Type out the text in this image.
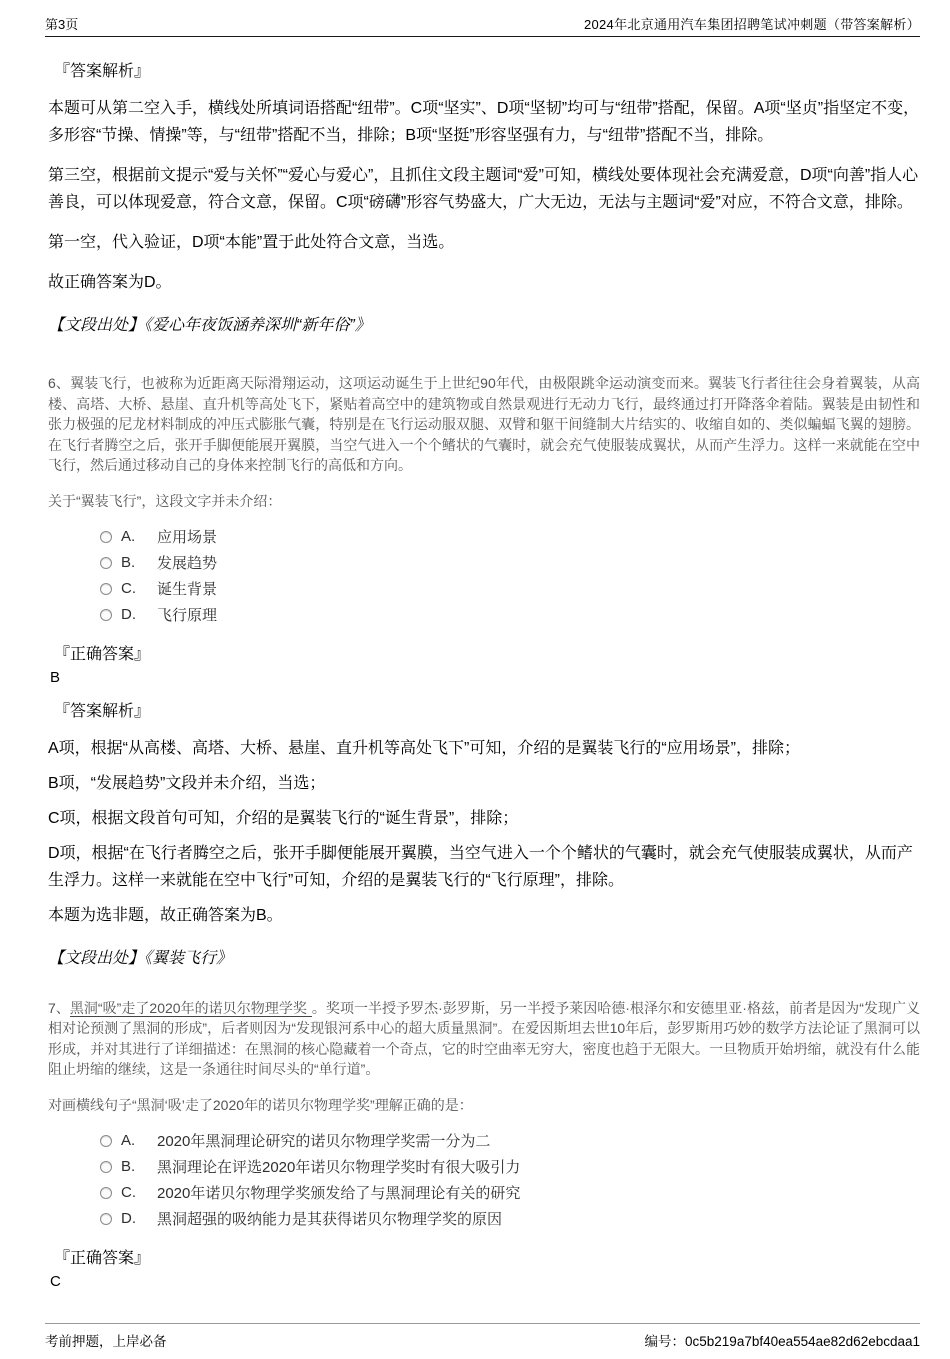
第3页	2024年北京通用汽车集团招聘笔试冲刺题（带答案解析）
『答案解析』

本题可从第二空入手，横线处所填词语搭配“纽带”。C项“坚实”、D项“坚韧”均可与“纽带”搭配，保留。A项“坚贞”指坚定不变，多形容“节操、情操”等，与“纽带”搭配不当，排除；B项“坚挺”形容坚强有力，与“纽带”搭配不当，排除。

第三空，根据前文提示“爱与关怀”“爱心与爱心”，且抓住文段主题词“爱”可知，横线处要体现社会充满爱意，D项“向善”指人心善良，可以体现爱意，符合文意，保留。C项“磅礴”形容气势盛大，广大无边，无法与主题词“爱”对应，不符合文意，排除。

第一空，代入验证，D项“本能”置于此处符合文意，当选。

故正确答案为D。

【文段出处】《爱心年夜饭涵养深圳“新年俗”》

6、翼装飞行，也被称为近距离天际滑翔运动，这项运动诞生于上世纪90年代，由极限跳伞运动演变而来。翼装飞行者往往会身着翼装，从高楼、高塔、大桥、悬崖、直升机等高处飞下，紧贴着高空中的建筑物或自然景观进行无动力飞行，最终通过打开降落伞着陆。翼装是由韧性和张力极强的尼龙材料制成的冲压式膨胀气囊，特别是在飞行运动服双腿、双臂和躯干间缝制大片结实的、收缩自如的、类似蝙蝠飞翼的翅膀。在飞行者腾空之后，张开手脚便能展开翼膜，当空气进入一个个鳍状的气囊时，就会充气使服装成翼状，从而产生浮力。这样一来就能在空中飞行，然后通过移动自己的身体来控制飞行的高低和方向。

关于“翼装飞行”，这段文字并未介绍：

A.	应用场景
B.	发展趋势
C.	诞生背景
D.	飞行原理
『正确答案』
B
『答案解析』

A项，根据“从高楼、高塔、大桥、悬崖、直升机等高处飞下”可知，介绍的是翼装飞行的“应用场景”，排除；

B项，“发展趋势”文段并未介绍，当选；

C项，根据文段首句可知，介绍的是翼装飞行的“诞生背景”，排除；

D项，根据“在飞行者腾空之后，张开手脚便能展开翼膜，当空气进入一个个鳍状的气囊时，就会充气使服装成翼状，从而产生浮力。这样一来就能在空中飞行”可知，介绍的是翼装飞行的“飞行原理”，排除。

本题为选非题，故正确答案为B。

【文段出处】《翼装飞行》

7、黑洞“吸”走了2020年的诺贝尔物理学奖 。奖项一半授予罗杰·彭罗斯，另一半授予莱因哈德·根泽尔和安德里亚·格兹，前者是因为“发现广义相对论预测了黑洞的形成”，后者则因为“发现银河系中心的超大质量黑洞”。在爱因斯坦去世10年后，彭罗斯用巧妙的数学方法论证了黑洞可以形成，并对其进行了详细描述：在黑洞的核心隐藏着一个奇点，它的时空曲率无穷大，密度也趋于无限大。一旦物质开始坍缩，就没有什么能阻止坍缩的继续，这是一条通往时间尽头的“单行道”。

对画横线句子“黑洞‘吸’走了2020年的诺贝尔物理学奖”理解正确的是：

A.	2020年黑洞理论研究的诺贝尔物理学奖需一分为二
B.	黑洞理论在评选2020年诺贝尔物理学奖时有很大吸引力
C.	2020年诺贝尔物理学奖颁发给了与黑洞理论有关的研究
D.	黑洞超强的吸纳能力是其获得诺贝尔物理学奖的原因
『正确答案』
C
考前押题，上岸必备	编号：0c5b219a7bf40ea554ae82d62ebcdaa1
